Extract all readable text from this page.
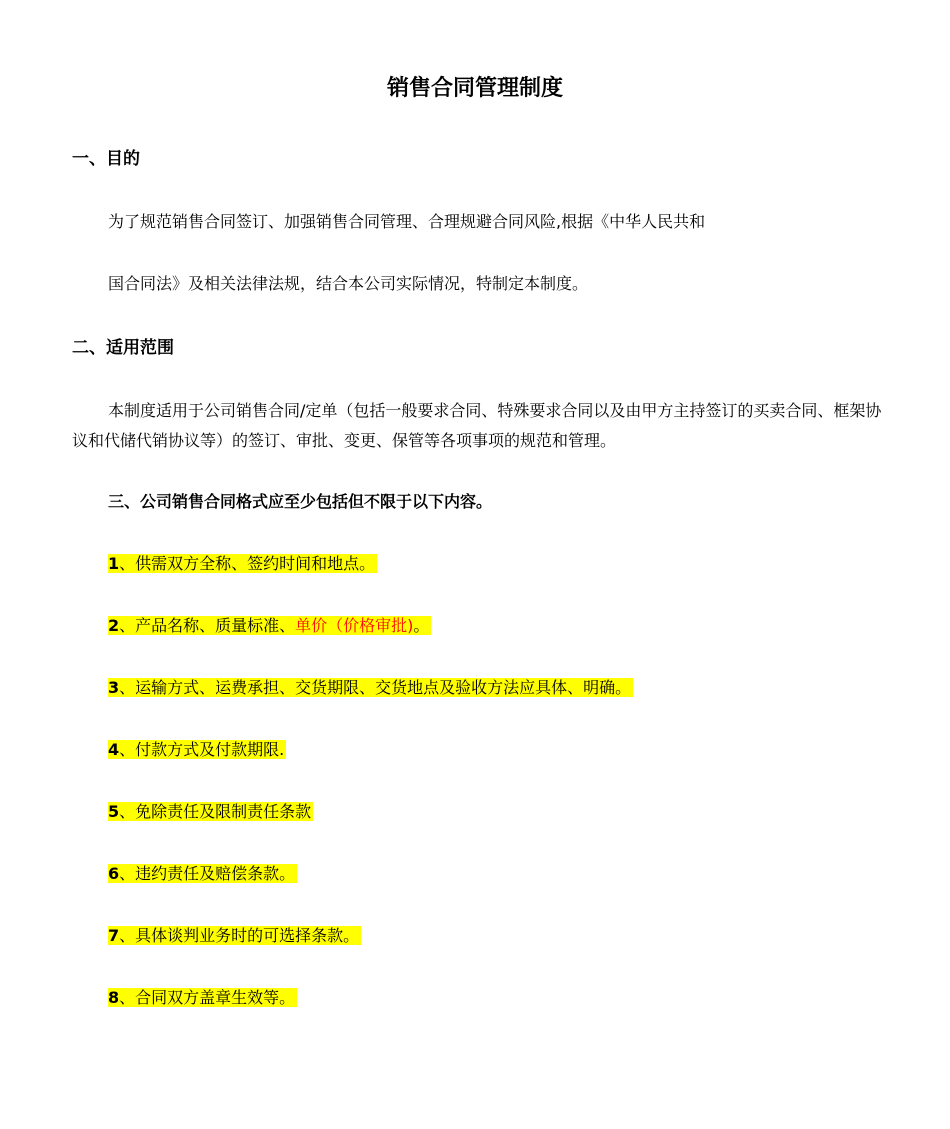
销售合同管理制度
一、目的
为了规范销售合同签订、加强销售合同管理、合理规避合同风险,根据《中华人民共和
国合同法》及相关法律法规，结合本公司实际情况，特制定本制度。
二、适用范围
本制度适用于公司销售合同/定单（包括一般要求合同、特殊要求合同以及由甲方主持签订的买卖合同、框架协议和代储代销协议等）的签订、审批、变更、保管等各项事项的规范和管理。
三、公司销售合同格式应至少包括但不限于以下内容。
1、供需双方全称、签约时间和地点。
2、产品名称、质量标准、单价（价格审批)。
3、运输方式、运费承担、交货期限、交货地点及验收方法应具体、明确。
4、付款方式及付款期限.
5、免除责任及限制责任条款
6、违约责任及赔偿条款。
7、具体谈判业务时的可选择条款。
8、合同双方盖章生效等。
